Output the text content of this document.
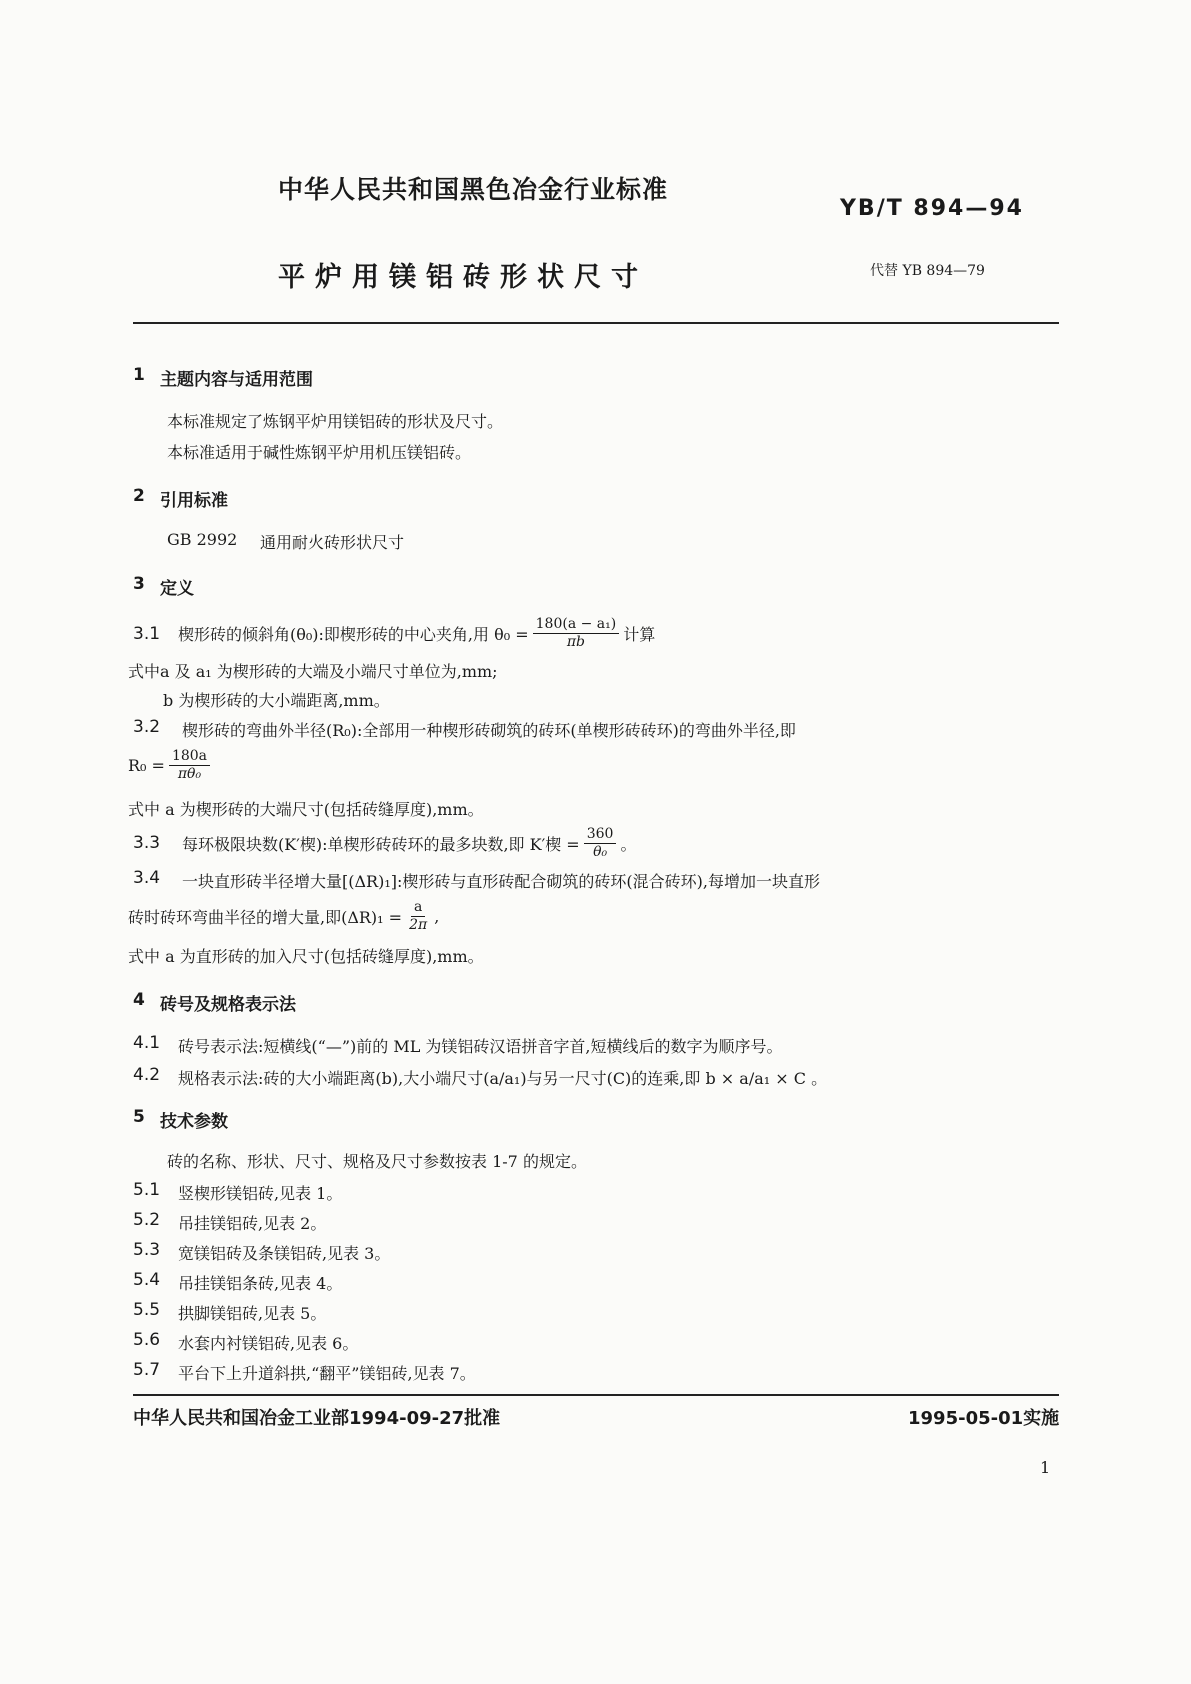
中华人民共和国黑色冶金行业标准
YB/T 894—94
平炉用镁铝砖形状尺寸	代替 YB 894—79
1 主题内容与适用范围
本标准规定了炼钢平炉用镁铝砖的形状及尺寸。
本标准适用于碱性炼钢平炉用机压镁铝砖。
2 引用标准
GB 2992 通用耐火砖形状尺寸
3 定义
3.1 楔形砖的倾斜角(θ₀):即楔形砖的中心夹角,用 $\theta_0 = \frac{\text{180(a − a₁)}}{\pi b}$ 计算
式中a 及 a₁ 为楔形砖的大端及小端尺寸单位为,mm;
b 为楔形砖的大小端距离,mm。
3.2 楔形砖的弯曲外半径(R₀):全部用一种楔形砖砌筑的砖环(单楔形砖砖环)的弯曲外半径,即
$R_0 = \frac{180a}{\text{πθ₀}}$
式中 a 为楔形砖的大端尺寸(包括砖缝厚度),mm。
3.3 每环极限块数(K′楔):单楔形砖砖环的最多块数,即 K′楔 = $\frac{360}{\text{θ₀}}$ 。
3.4 一块直形砖半径增大量[(ΔR)₁]:楔形砖与直形砖配合砌筑的砖环(混合砖环),每增加一块直形
砖时砖环弯曲半径的增大量,即$(\Delta R)_1 = \frac{a}{2\pi}$ ,
式中 a 为直形砖的加入尺寸(包括砖缝厚度),mm。
4 砖号及规格表示法
4.1 砖号表示法:短横线(“—”)前的 ML 为镁铝砖汉语拼音字首,短横线后的数字为顺序号。
4.2 规格表示法:砖的大小端距离(b),大小端尺寸(a/a₁)与另一尺寸(C)的连乘,即 b × a/a₁ × C 。
5 技术参数
砖的名称、形状、尺寸、规格及尺寸参数按表 1-7 的规定。
5.1 竖楔形镁铝砖,见表 1。
5.2 吊挂镁铝砖,见表 2。
5.3 宽镁铝砖及条镁铝砖,见表 3。
5.4 吊挂镁铝条砖,见表 4。
5.5 拱脚镁铝砖,见表 5。
5.6 水套内衬镁铝砖,见表 6。
5.7 平台下上升道斜拱,“翻平”镁铝砖,见表 7。
中华人民共和国冶金工业部1994-09-27批准	1995-05-01实施
1
